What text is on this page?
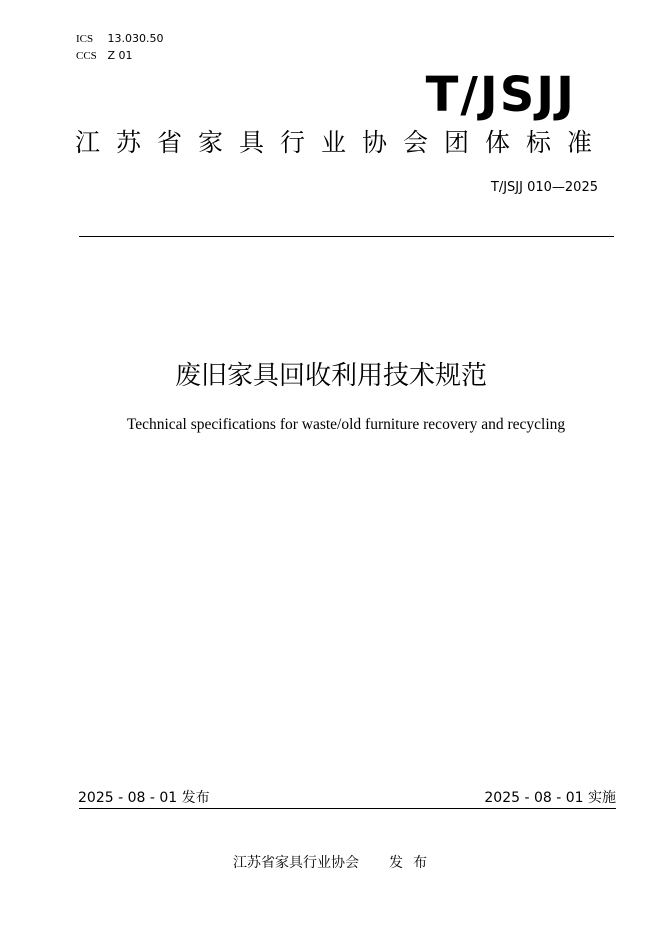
ICS 13.030.50
CCS Z 01
T/JSJJ
江苏省家具行业协会团体标准
T/JSJJ 010—2025
废旧家具回收利用技术规范
Technical specifications for waste/old furniture recovery and recycling
2025 - 08 - 01 发布	2025 - 08 - 01 实施
江苏省家具行业协会 发布
